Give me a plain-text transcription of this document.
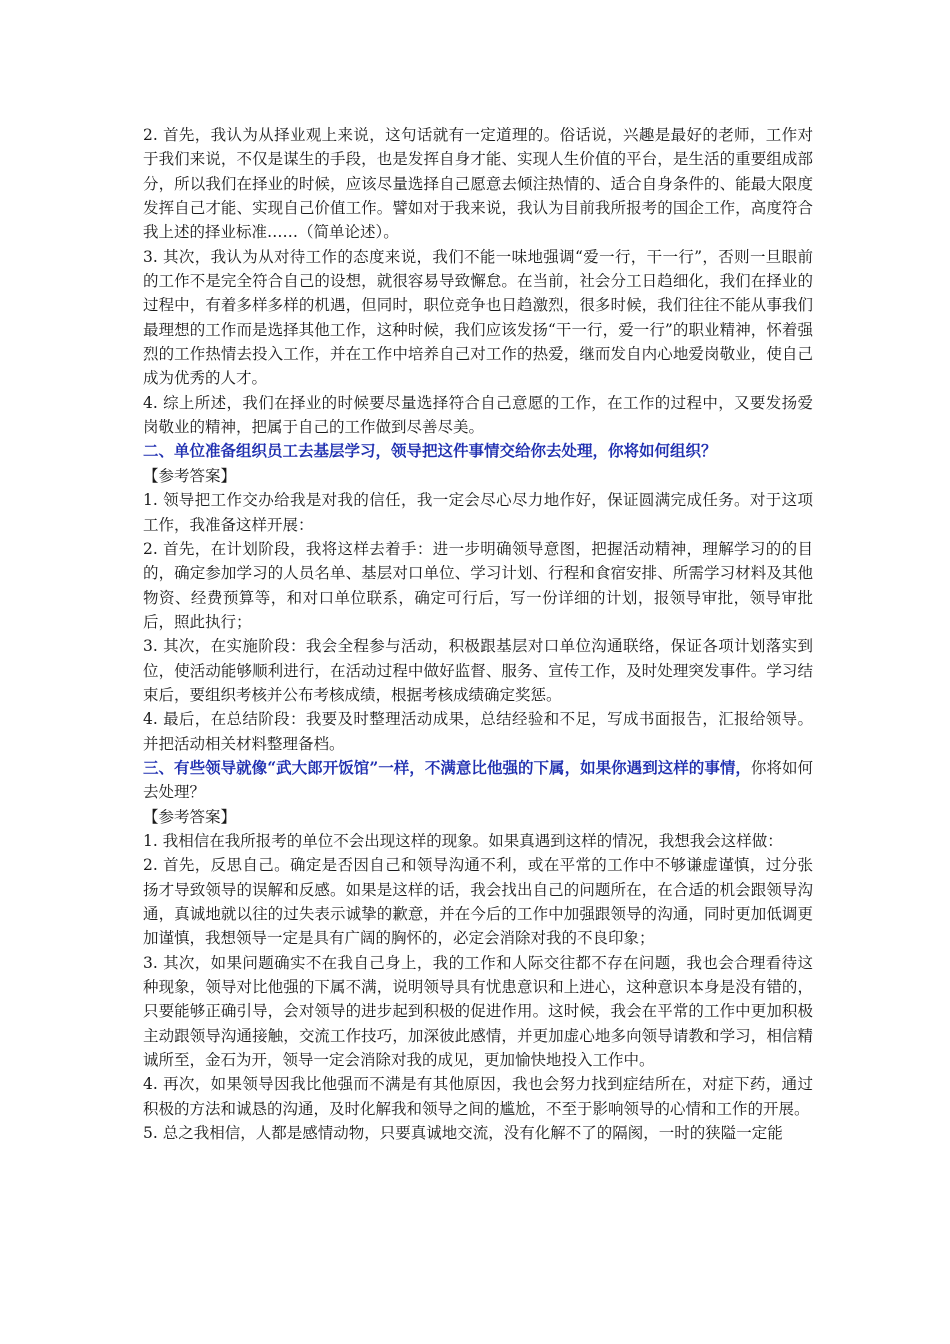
2. 首先，我认为从择业观上来说，这句话就有一定道理的。俗话说，兴趣是最好的老师，工作对于我们来说，不仅是谋生的手段，也是发挥自身才能、实现人生价值的平台，是生活的重要组成部分，所以我们在择业的时候，应该尽量选择自己愿意去倾注热情的、适合自身条件的、能最大限度发挥自己才能、实现自己价值工作。譬如对于我来说，我认为目前我所报考的国企工作，高度符合我上述的择业标准……（简单论述）。

3. 其次，我认为从对待工作的态度来说，我们不能一味地强调“爱一行，干一行”，否则一旦眼前的工作不是完全符合自己的设想，就很容易导致懈怠。在当前，社会分工日趋细化，我们在择业的过程中，有着多样多样的机遇，但同时，职位竞争也日趋激烈，很多时候，我们往往不能从事我们最理想的工作而是选择其他工作，这种时候，我们应该发扬“干一行，爱一行”的职业精神，怀着强烈的工作热情去投入工作，并在工作中培养自己对工作的热爱，继而发自内心地爱岗敬业，使自己成为优秀的人才。

4. 综上所述，我们在择业的时候要尽量选择符合自己意愿的工作，在工作的过程中，又要发扬爱岗敬业的精神，把属于自己的工作做到尽善尽美。

二、单位准备组织员工去基层学习，领导把这件事情交给你去处理，你将如何组织？

【参考答案】

1. 领导把工作交办给我是对我的信任，我一定会尽心尽力地作好，保证圆满完成任务。对于这项工作，我准备这样开展：

2. 首先，在计划阶段，我将这样去着手：进一步明确领导意图，把握活动精神，理解学习的的目的，确定参加学习的人员名单、基层对口单位、学习计划、行程和食宿安排、所需学习材料及其他物资、经费预算等，和对口单位联系，确定可行后，写一份详细的计划，报领导审批，领导审批后，照此执行；

3. 其次，在实施阶段：我会全程参与活动，积极跟基层对口单位沟通联络，保证各项计划落实到位，使活动能够顺利进行，在活动过程中做好监督、服务、宣传工作，及时处理突发事件。学习结束后，要组织考核并公布考核成绩，根据考核成绩确定奖惩。

4. 最后，在总结阶段：我要及时整理活动成果，总结经验和不足，写成书面报告，汇报给领导。并把活动相关材料整理备档。

三、有些领导就像“武大郎开饭馆”一样，不满意比他强的下属，如果你遇到这样的事情，你将如何去处理？

【参考答案】

1. 我相信在我所报考的单位不会出现这样的现象。如果真遇到这样的情况，我想我会这样做：

2. 首先，反思自己。确定是否因自己和领导沟通不利，或在平常的工作中不够谦虚谨慎，过分张扬才导致领导的误解和反感。如果是这样的话，我会找出自己的问题所在，在合适的机会跟领导沟通，真诚地就以往的过失表示诚挚的歉意，并在今后的工作中加强跟领导的沟通，同时更加低调更加谨慎，我想领导一定是具有广阔的胸怀的，必定会消除对我的不良印象；

3. 其次，如果问题确实不在我自己身上，我的工作和人际交往都不存在问题，我也会合理看待这种现象，领导对比他强的下属不满，说明领导具有忧患意识和上进心，这种意识本身是没有错的，只要能够正确引导，会对领导的进步起到积极的促进作用。这时候，我会在平常的工作中更加积极主动跟领导沟通接触，交流工作技巧，加深彼此感情，并更加虚心地多向领导请教和学习，相信精诚所至，金石为开，领导一定会消除对我的成见，更加愉快地投入工作中。

4. 再次，如果领导因我比他强而不满是有其他原因，我也会努力找到症结所在，对症下药，通过积极的方法和诚恳的沟通，及时化解我和领导之间的尴尬，不至于影响领导的心情和工作的开展。

5. 总之我相信，人都是感情动物，只要真诚地交流，没有化解不了的隔阂，一时的狭隘一定能
